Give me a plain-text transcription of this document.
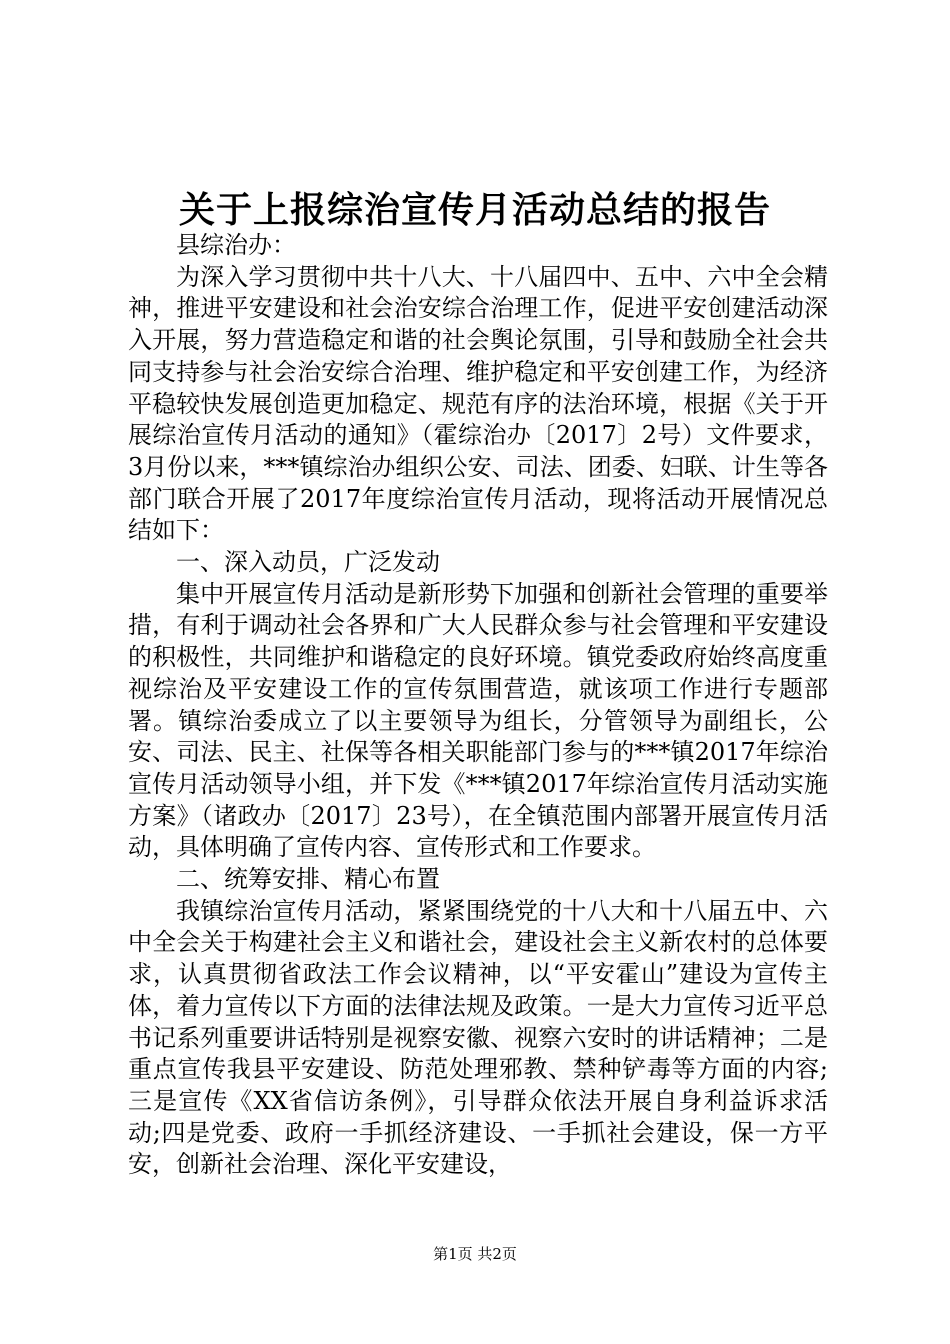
关于上报综治宣传月活动总结的报告

县综治办：

为深入学习贯彻中共十八大、十八届四中、五中、六中全会精神，推进平安建设和社会治安综合治理工作，促进平安创建活动深入开展，努力营造稳定和谐的社会舆论氛围，引导和鼓励全社会共同支持参与社会治安综合治理、维护稳定和平安创建工作，为经济平稳较快发展创造更加稳定、规范有序的法治环境，根据《关于开展综治宣传月活动的通知》（霍综治办〔2017〕2号）文件要求，3月份以来，***镇综治办组织公安、司法、团委、妇联、计生等各部门联合开展了2017年度综治宣传月活动，现将活动开展情况总结如下：

一、深入动员，广泛发动

集中开展宣传月活动是新形势下加强和创新社会管理的重要举措，有利于调动社会各界和广大人民群众参与社会管理和平安建设的积极性，共同维护和谐稳定的良好环境。镇党委政府始终高度重视综治及平安建设工作的宣传氛围营造，就该项工作进行专题部署。镇综治委成立了以主要领导为组长，分管领导为副组长，公安、司法、民主、社保等各相关职能部门参与的***镇2017年综治宣传月活动领导小组，并下发《***镇2017年综治宣传月活动实施方案》（诸政办〔2017〕23号），在全镇范围内部署开展宣传月活动，具体明确了宣传内容、宣传形式和工作要求。

二、统筹安排、精心布置

我镇综治宣传月活动，紧紧围绕党的十八大和十八届五中、六中全会关于构建社会主义和谐社会，建设社会主义新农村的总体要求，认真贯彻省政法工作会议精神，以“平安霍山”建设为宣传主体，着力宣传以下方面的法律法规及政策。一是大力宣传习近平总书记系列重要讲话特别是视察安徽、视察六安时的讲话精神；二是重点宣传我县平安建设、防范处理邪教、禁种铲毒等方面的内容;三是宣传《XX省信访条例》，引导群众依法开展自身利益诉求活动;四是党委、政府一手抓经济建设、一手抓社会建设，保一方平安，创新社会治理、深化平安建设，

第1页 共2页
